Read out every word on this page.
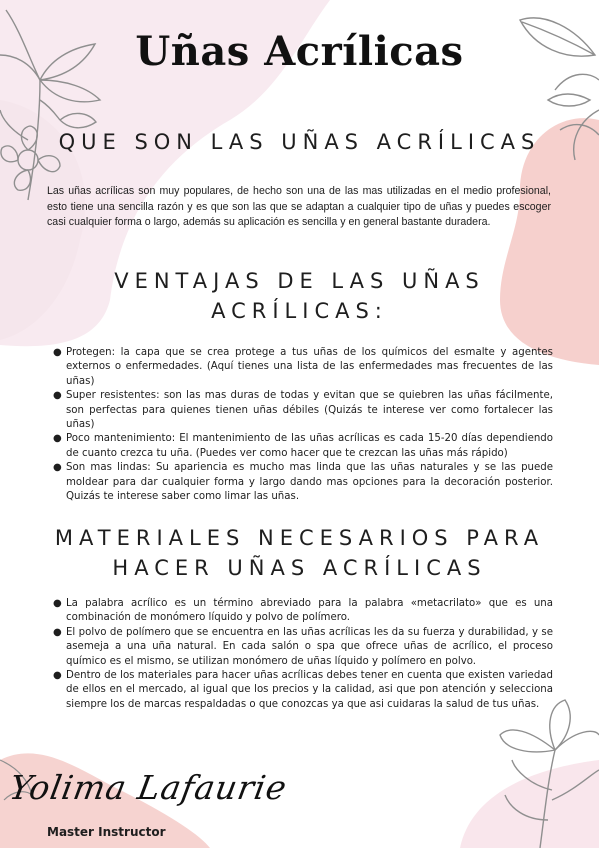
Uñas Acrílicas
QUE SON LAS UÑAS ACRÍLICAS

Las uñas acrílicas son muy populares, de hecho son una de las mas utilizadas en el medio profesional, esto tiene una sencilla razón y es que son las que se adaptan a cualquier tipo de uñas y puedes escoger casi cualquier forma o largo, además su aplicación es sencilla y en general bastante duradera.

VENTAJAS DE LAS UÑAS ACRÍLICAS:
● Protegen: la capa que se crea protege a tus uñas de los químicos del esmalte y agentes externos o enfermedades. (Aquí tienes una lista de las enfermedades mas frecuentes de las uñas)
● Super resistentes: son las mas duras de todas y evitan que se quiebren las uñas fácilmente, son perfectas para quienes tienen uñas débiles (Quizás te interese ver como fortalecer las uñas)
● Poco mantenimiento: El mantenimiento de las uñas acrílicas es cada 15-20 días dependiendo de cuanto crezca tu uña. (Puedes ver como hacer que te crezcan las uñas más rápido)
● Son mas lindas: Su apariencia es mucho mas linda que las uñas naturales y se las puede moldear para dar cualquier forma y largo dando mas opciones para la decoración posterior. Quizás te interese saber como limar las uñas.
MATERIALES NECESARIOS PARA HACER UÑAS ACRÍLICAS
● La palabra acrílico es un término abreviado para la palabra «metacrilato» que es una combinación de monómero líquido y polvo de polímero.
● El polvo de polímero que se encuentra en las uñas acrílicas les da su fuerza y durabilidad, y se asemeja a una uña natural. En cada salón o spa que ofrece uñas de acrílico, el proceso químico es el mismo, se utilizan monómero de uñas líquido y polímero en polvo.
● Dentro de los materiales para hacer uñas acrílicas debes tener en cuenta que existen variedad de ellos en el mercado, al igual que los precios y la calidad, asi que pon atención y selecciona siempre los de marcas respaldadas o que conozcas ya que asi cuidaras la salud de tus uñas.
Yolima Lafaurie
Master Instructor
